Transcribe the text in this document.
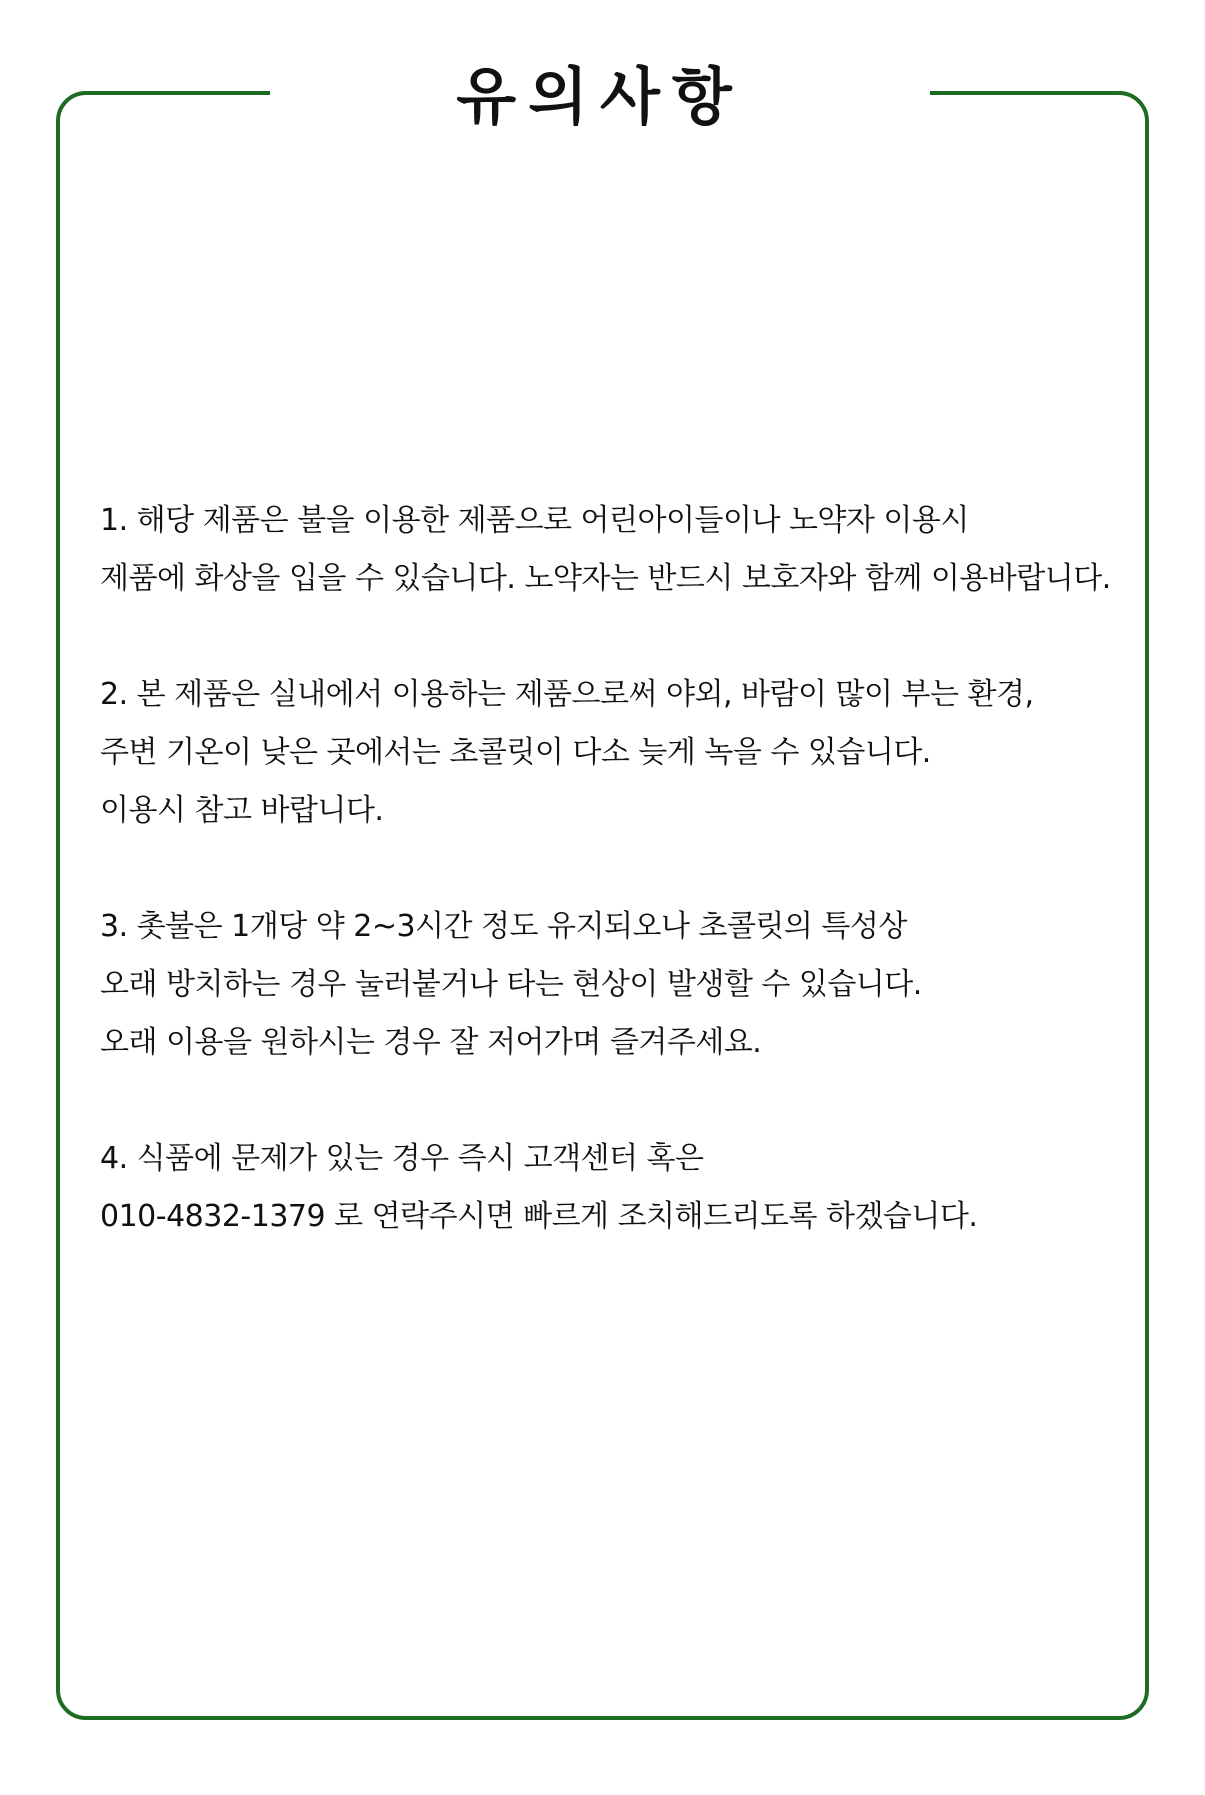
유의사항
1. 해당 제품은 불을 이용한 제품으로 어린아이들이나 노약자 이용시
제품에 화상을 입을 수 있습니다. 노약자는 반드시 보호자와 함께 이용바랍니다.
2. 본 제품은 실내에서 이용하는 제품으로써 야외, 바람이 많이 부는 환경,
주변 기온이 낮은 곳에서는 초콜릿이 다소 늦게 녹을 수 있습니다.
이용시 참고 바랍니다.
3. 촛불은 1개당 약 2~3시간 정도 유지되오나 초콜릿의 특성상
오래 방치하는 경우 눌러붙거나 타는 현상이 발생할 수 있습니다.
오래 이용을 원하시는 경우 잘 저어가며 즐겨주세요.
4. 식품에 문제가 있는 경우 즉시 고객센터 혹은
010-4832-1379 로 연락주시면 빠르게 조치해드리도록 하겠습니다.
